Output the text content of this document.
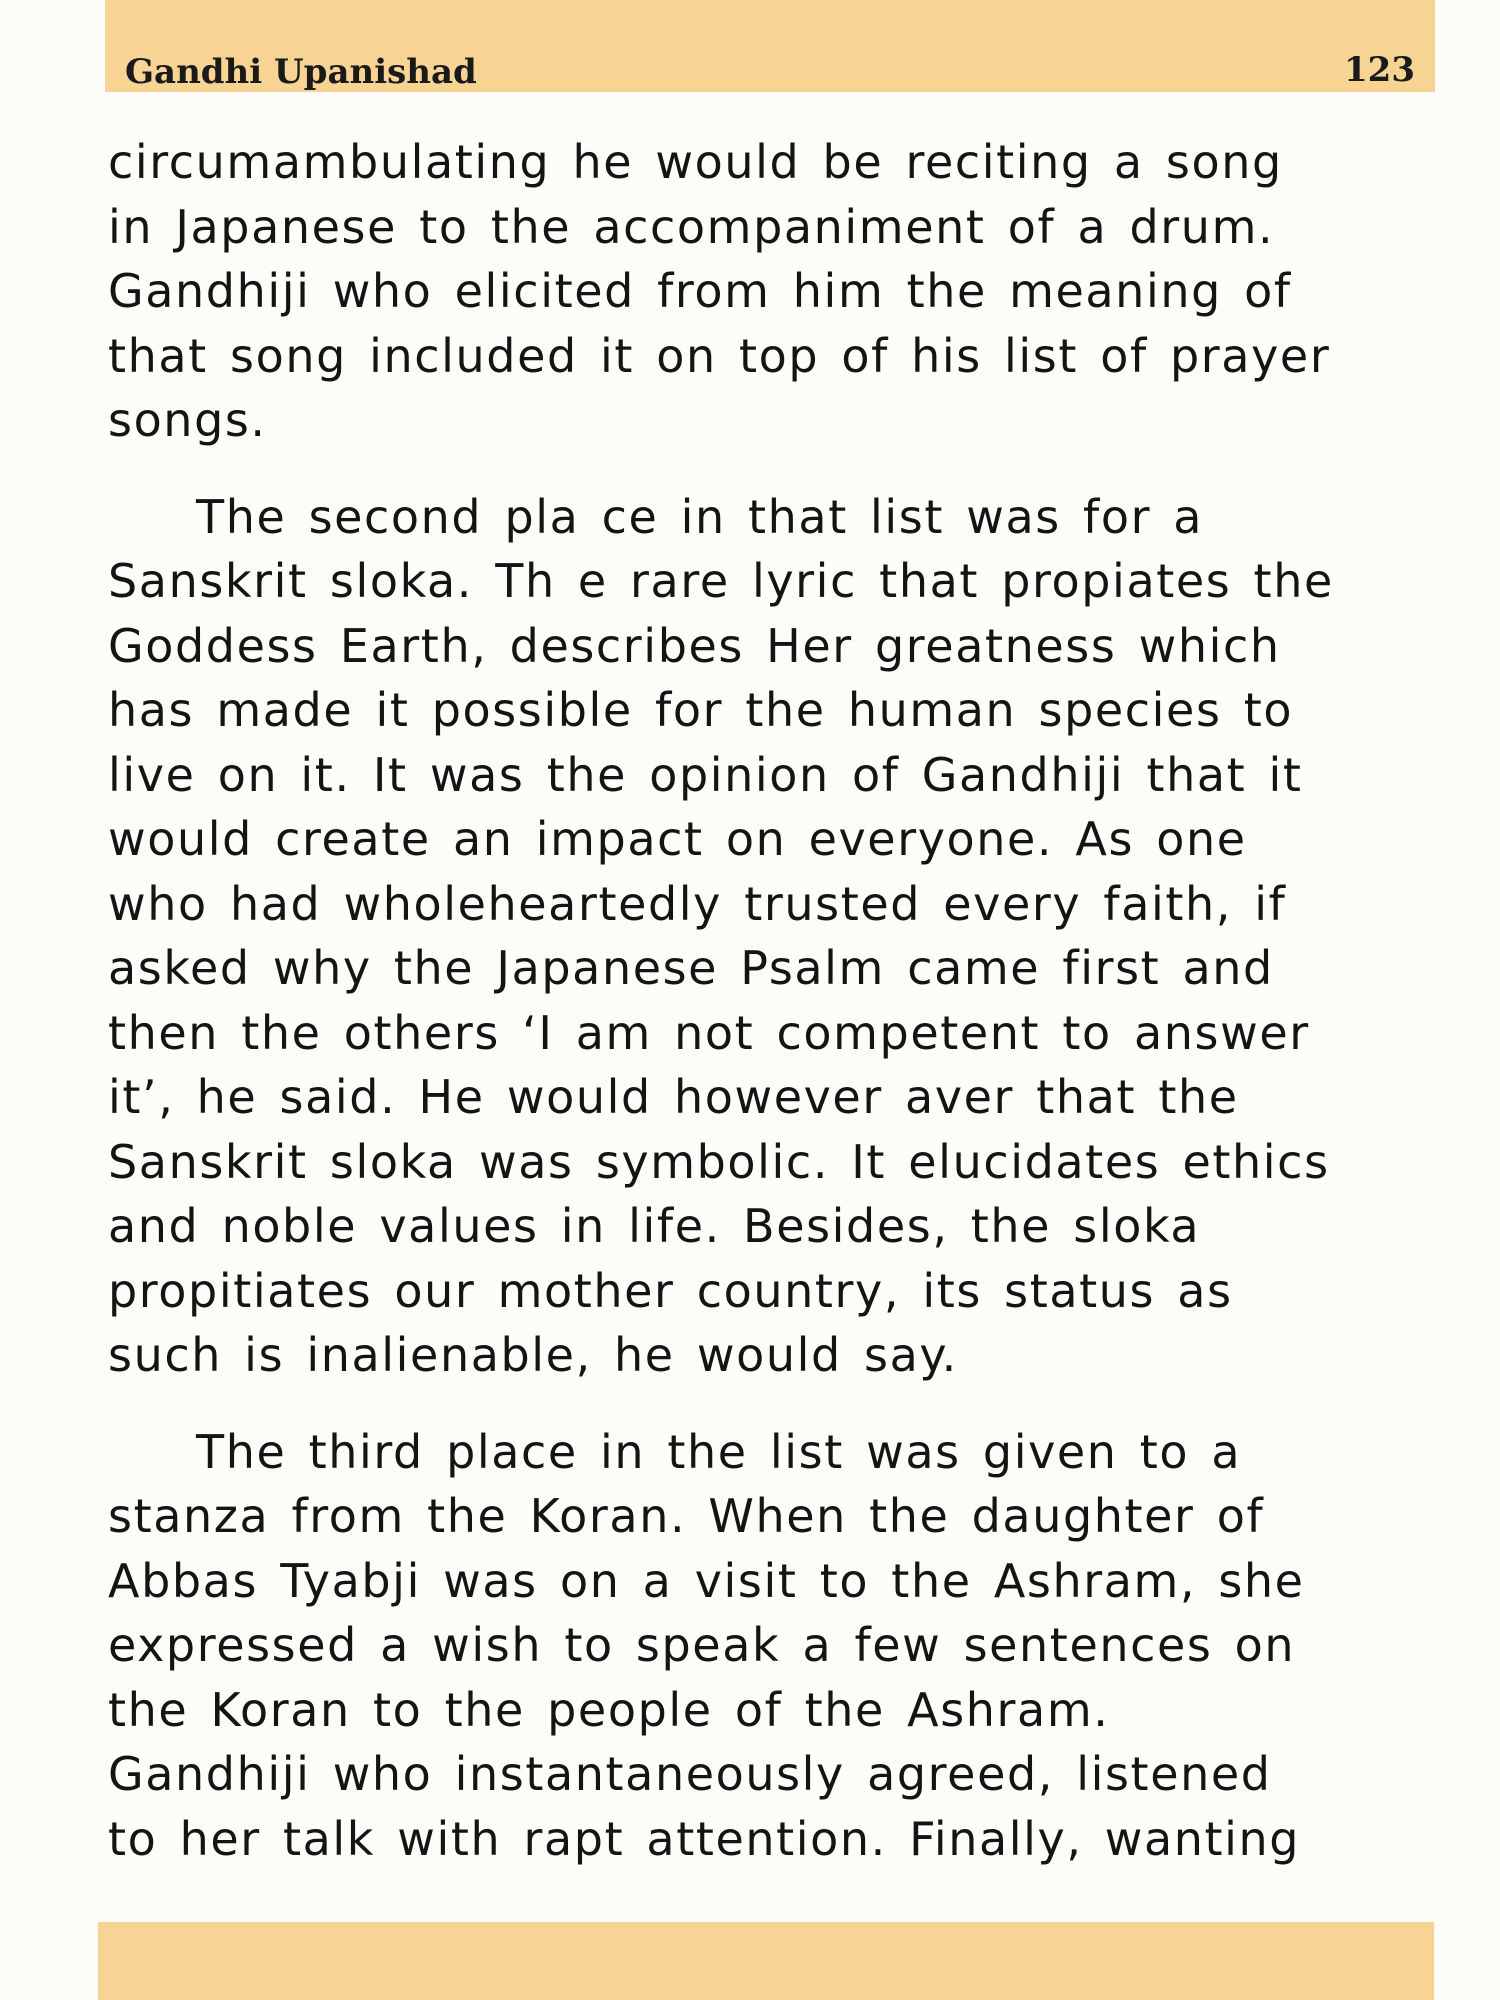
Gandhi Upanishad	123
circumambulating he would be reciting a song
in Japanese to the accompaniment of a drum.
Gandhiji who elicited from him the meaning of
that song included it on top of his list of prayer
songs.
The second pla ce in that list was for a
Sanskrit sloka. Th e rare lyric that propiates the
Goddess Earth, describes Her greatness which
has made it possible for the human species to
live on it. It was the opinion of Gandhiji that it
would create an impact on everyone. As one
who had wholeheartedly trusted every faith, if
asked why the Japanese Psalm came first and
then the others ‘I am not competent to answer
it’, he said. He would however aver that the
Sanskrit sloka was symbolic. It elucidates ethics
and noble values in life. Besides, the sloka
propitiates our mother country, its status as
such is inalienable, he would say.
The third place in the list was given to a
stanza from the Koran. When the daughter of
Abbas Tyabji was on a visit to the Ashram, she
expressed a wish to speak a few sentences on
the Koran to the people of the Ashram.
Gandhiji who instantaneously agreed, listened
to her talk with rapt attention. Finally, wanting
